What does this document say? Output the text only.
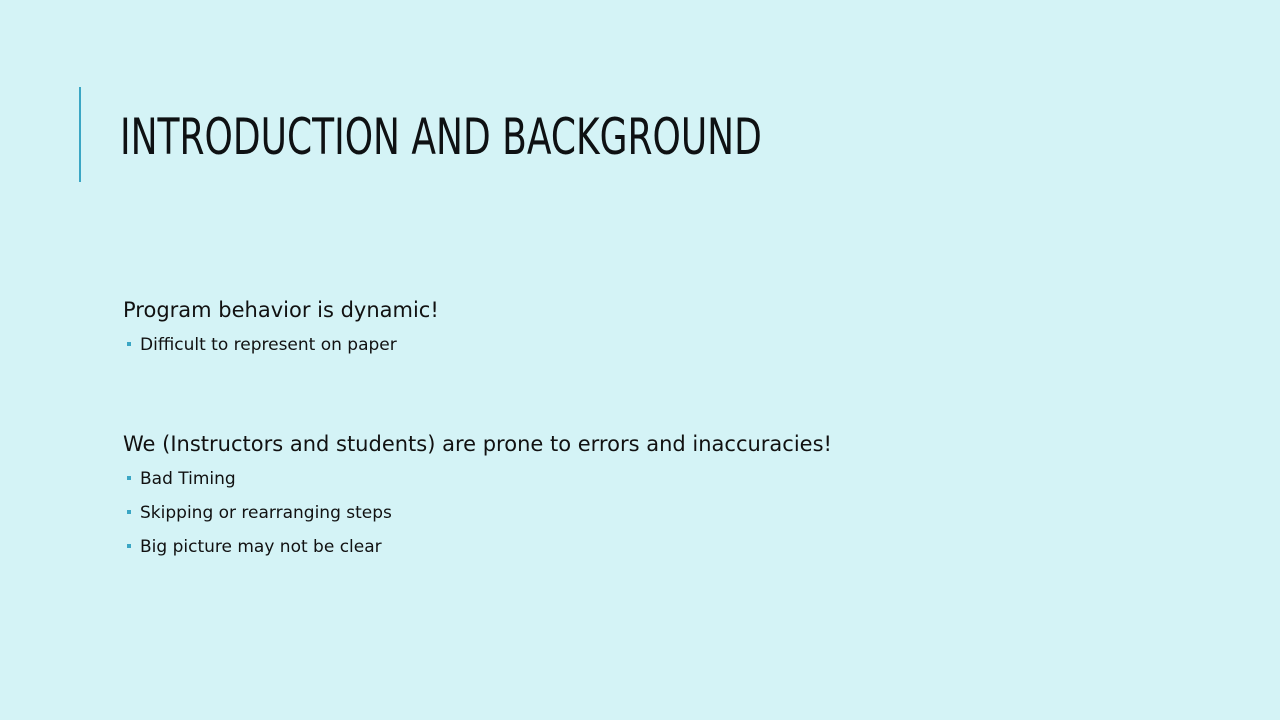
INTRODUCTION AND BACKGROUND

Program behavior is dynamic!

Difficult to represent on paper

We (Instructors and students) are prone to errors and inaccuracies!

Bad Timing
Skipping or rearranging steps
Big picture may not be clear
